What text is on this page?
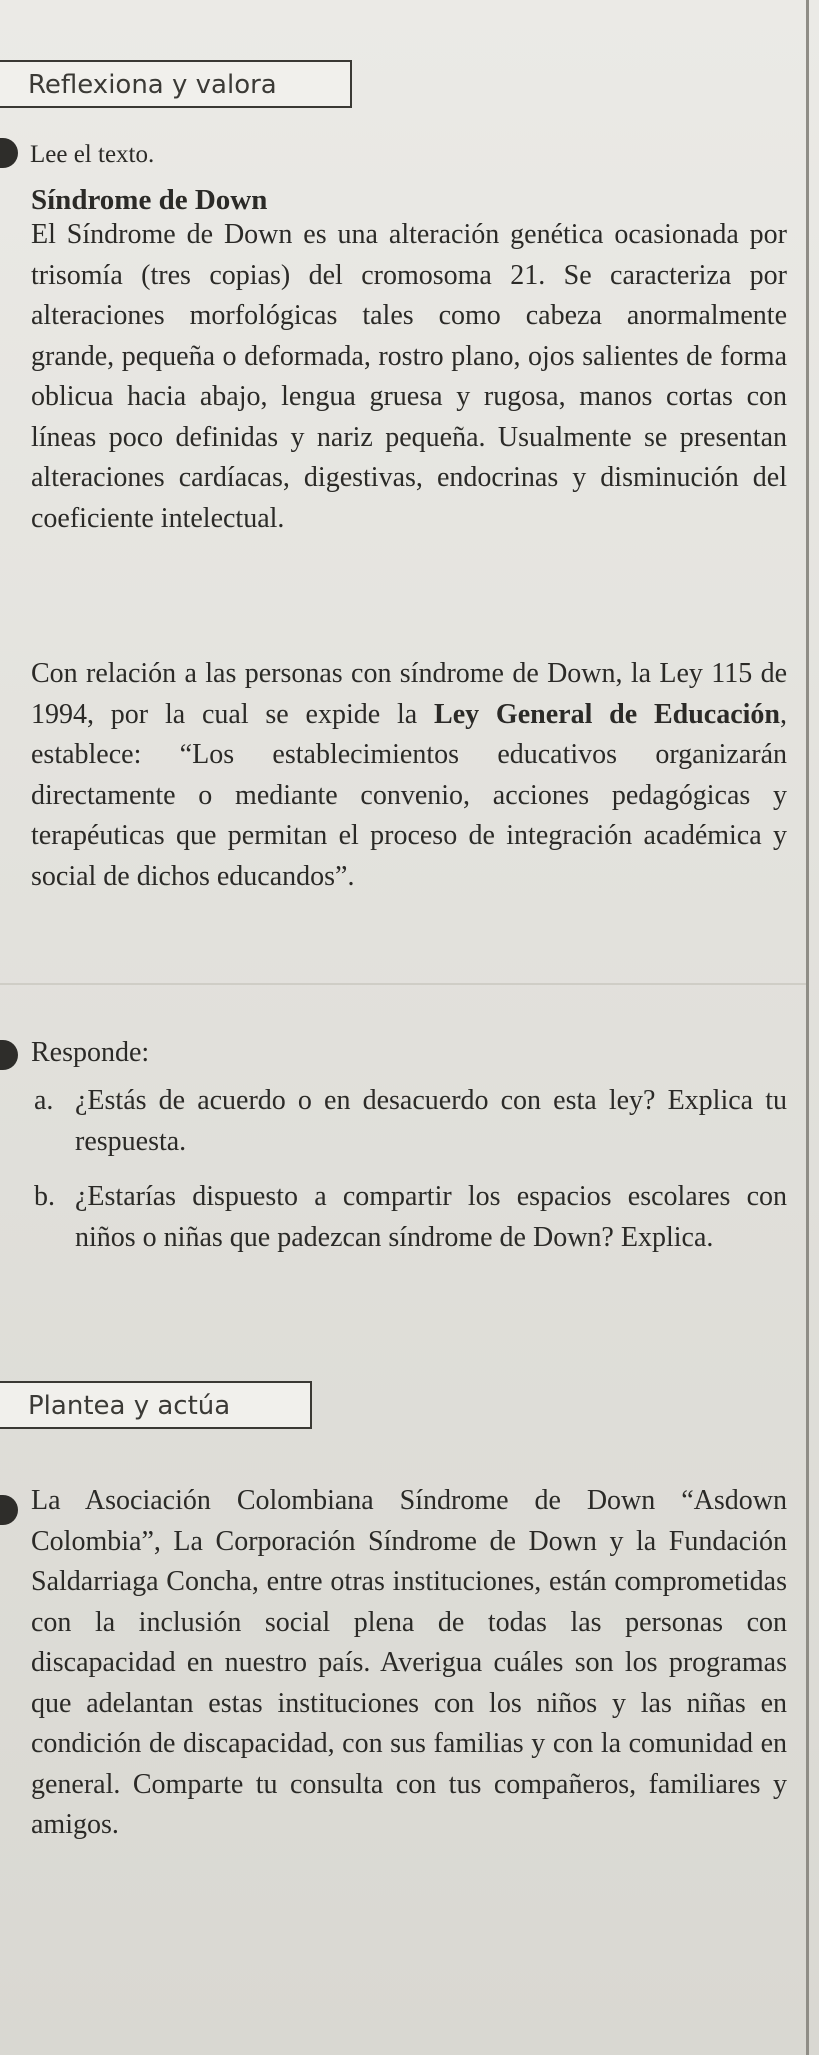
Reflexiona y valora

Lee el texto.

Síndrome de Down

El Síndrome de Down es una alteración genética ocasionada por trisomía (tres copias) del cromosoma 21. Se caracteriza por alteraciones morfológicas tales como cabeza anormalmente grande, pequeña o deformada, rostro plano, ojos salientes de forma oblicua hacia abajo, lengua gruesa y rugosa, manos cortas con líneas poco definidas y nariz pequeña. Usualmente se presentan alteraciones cardíacas, digestivas, endocrinas y disminución del coeficiente intelectual.

Con relación a las personas con síndrome de Down, la Ley 115 de 1994, por la cual se expide la Ley General de Educación, establece: “Los establecimientos educativos organizarán directamente o mediante convenio, acciones pedagógicas y terapéuticas que permitan el proceso de integración académica y social de dichos educandos”.

Responde:

a. ¿Estás de acuerdo o en desacuerdo con esta ley? Explica tu respuesta.

b. ¿Estarías dispuesto a compartir los espacios escolares con niños o niñas que padezcan síndrome de Down? Explica.

Plantea y actúa

La Asociación Colombiana Síndrome de Down “Asdown Colombia”, La Corporación Síndrome de Down y la Fundación Saldarriaga Concha, entre otras instituciones, están comprometidas con la inclusión social plena de todas las personas con discapacidad en nuestro país. Averigua cuáles son los programas que adelantan estas instituciones con los niños y las niñas en condición de discapacidad, con sus familias y con la comunidad en general. Comparte tu consulta con tus compañeros, familiares y amigos.
